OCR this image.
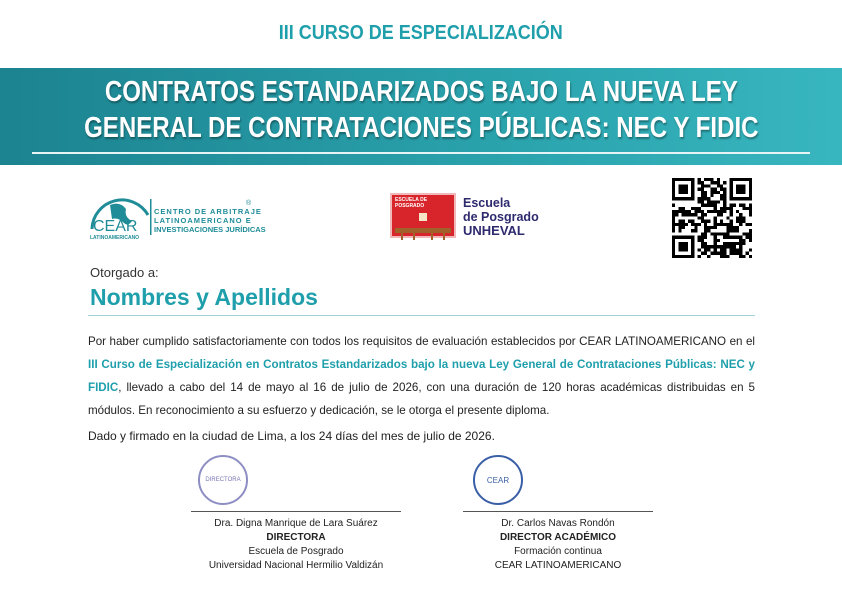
III CURSO DE ESPECIALIZACIÓN
CONTRATOS ESTANDARIZADOS BAJO LA NUEVA LEY
GENERAL DE CONTRATACIONES PÚBLICAS: NEC Y FIDIC
CEAR
LATINOAMERICANO
CENTRO DE ARBITRAJE
LATINOAMERICANO E
INVESTIGACIONES JURÍDICAS
®	ESCUELA DE POSGRADO	Escuela
de Posgrado
UNHEVAL
Otorgado a:
Nombres y Apellidos
Por haber cumplido satisfactoriamente con todos los requisitos de evaluación establecidos por CEAR LATINOAMERICANO en el III Curso de Especialización en Contratos Estandarizados bajo la nueva Ley General de Contrataciones Públicas: NEC y FIDIC, llevado a cabo del 14 de mayo al 16 de julio de 2026, con una duración de 120 horas académicas distribuidas en 5 módulos. En reconocimiento a su esfuerzo y dedicación, se le otorga el presente diploma.
Dado y firmado en la ciudad de Lima, a los 24 días del mes de julio de 2026.
DIRECTORA
Dra. Digna Manrique de Lara Suárez
DIRECTORA
Escuela de Posgrado
Universidad Nacional Hermilio Valdizán
CEAR
Dr. Carlos Navas Rondón
DIRECTOR ACADÉMICO
Formación continua
CEAR LATINOAMERICANO
